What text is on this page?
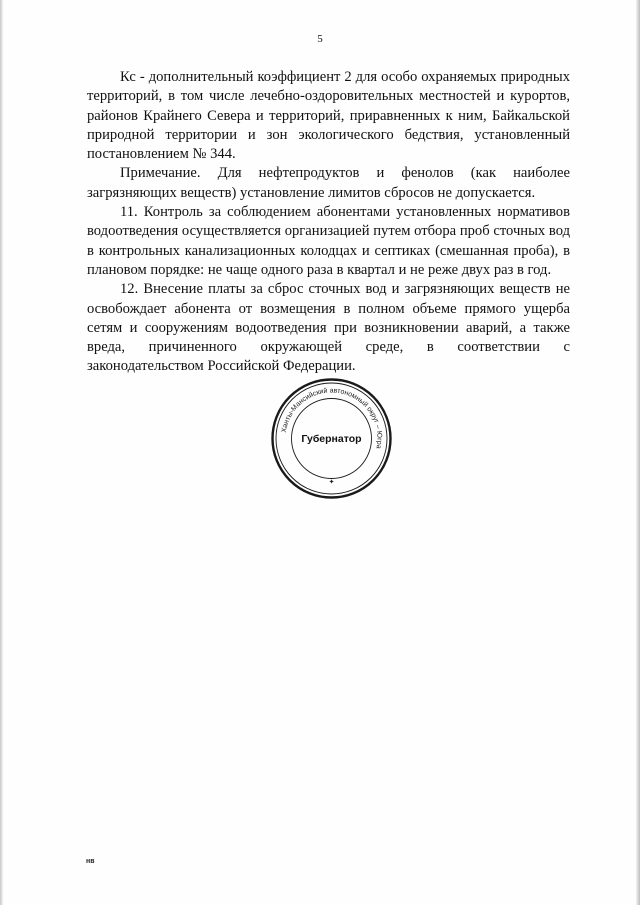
5

Кс - дополнительный коэффициент 2 для особо охраняемых природных территорий, в том числе лечебно-оздоровительных местностей и курортов, районов Крайнего Севера и территорий, приравненных к ним, Байкальской природной территории и зон экологического бедствия, установленный постановлением № 344.

Примечание. Для нефтепродуктов и фенолов (как наиболее загрязняющих веществ) установление лимитов сбросов не допускается.

11. Контроль за соблюдением абонентами установленных нормативов водоотведения осуществляется организацией путем отбора проб сточных вод в контрольных канализационных колодцах и септиках (смешанная проба), в плановом порядке: не чаще одного раза в квартал и не реже двух раз в год.

12. Внесение платы за сброс сточных вод и загрязняющих веществ не освобождает абонента от возмещения в полном объеме прямого ущерба сетям и сооружениям водоотведения при возникновении аварий, а также вреда, причиненного окружающей среде, в соответствии с законодательством Российской Федерации.

Ханты-Мансийский автономный округ – Югра
Губернатор
✦
нв
